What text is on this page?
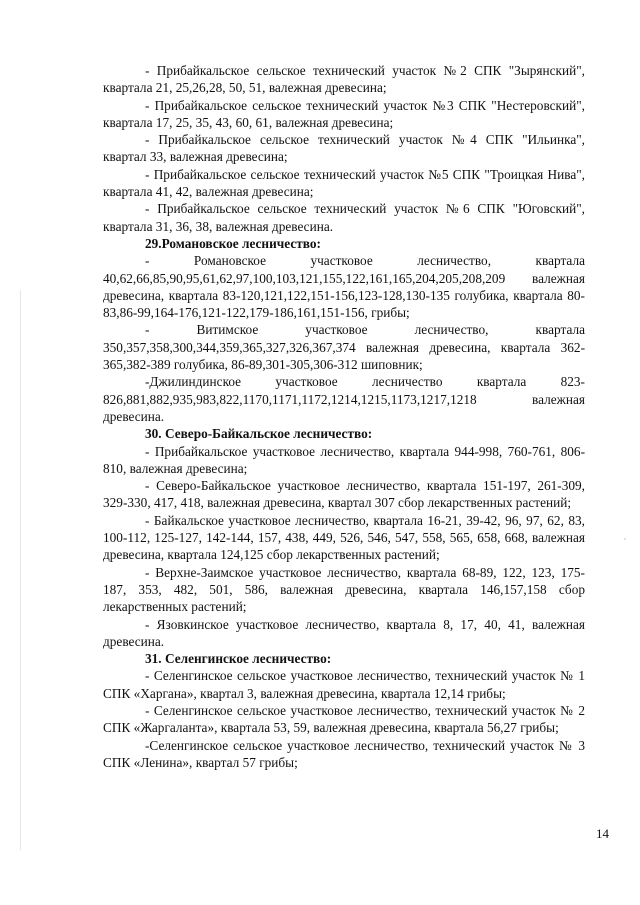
- Прибайкальское сельское технический участок №2 СПК "Зырянский", квартала 21, 25,26,28, 50, 51, валежная древесина;

- Прибайкальское сельское технический участок №3 СПК "Нестеровский", квартала 17, 25, 35, 43, 60, 61, валежная древесина;

- Прибайкальское сельское технический участок №4 СПК "Ильинка", квартал 33, валежная древесина;

- Прибайкальское сельское технический участок №5 СПК "Троицкая Нива", квартала 41, 42, валежная древесина;

- Прибайкальское сельское технический участок №6 СПК "Юговский", квартала 31, 36, 38, валежная древесина.

29.Романовское лесничество:

- Романовское участковое лесничество, квартала 40,62,66,85,90,95,61,62,97,100,103,121,155,122,161,165,204,205,208,209 валежная древесина, квартала 83-120,121,122,151-156,123-128,130-135 голубика, квартала 80-83,86-99,164-176,121-122,179-186,161,151-156, грибы;

- Витимское участковое лесничество, квартала 350,357,358,300,344,359,365,327,326,367,374 валежная древесина, квартала 362-365,382-389 голубика, 86-89,301-305,306-312 шиповник;

-Джилиндинское участковое лесничество квартала 823-826,881,882,935,983,822,1170,1171,1172,1214,1215,1173,1217,1218 валежная древесина.

30. Северо-Байкальское лесничество:

- Прибайкальское участковое лесничество, квартала 944-998, 760-761, 806-810, валежная древесина;

- Северо-Байкальское участковое лесничество, квартала 151-197, 261-309, 329-330, 417, 418, валежная древесина, квартал 307 сбор лекарственных растений;

- Байкальское участковое лесничество, квартала 16-21, 39-42, 96, 97, 62, 83, 100-112, 125-127, 142-144, 157, 438, 449, 526, 546, 547, 558, 565, 658, 668, валежная древесина, квартала 124,125 сбор лекарственных растений;

- Верхне-Заимское участковое лесничество, квартала 68-89, 122, 123, 175-187, 353, 482, 501, 586, валежная древесина, квартала 146,157,158 сбор лекарственных растений;

- Язовкинское участковое лесничество, квартала 8, 17, 40, 41, валежная древесина.

31. Селенгинское лесничество:

- Селенгинское сельское участковое лесничество, технический участок № 1 СПК «Харгана», квартал 3, валежная древесина, квартала 12,14 грибы;

- Селенгинское сельское участковое лесничество, технический участок № 2 СПК «Жаргаланта», квартала 53, 59, валежная древесина, квартала 56,27 грибы;

-Селенгинское сельское участковое лесничество, технический участок № 3 СПК «Ленина», квартал 57 грибы;

14
